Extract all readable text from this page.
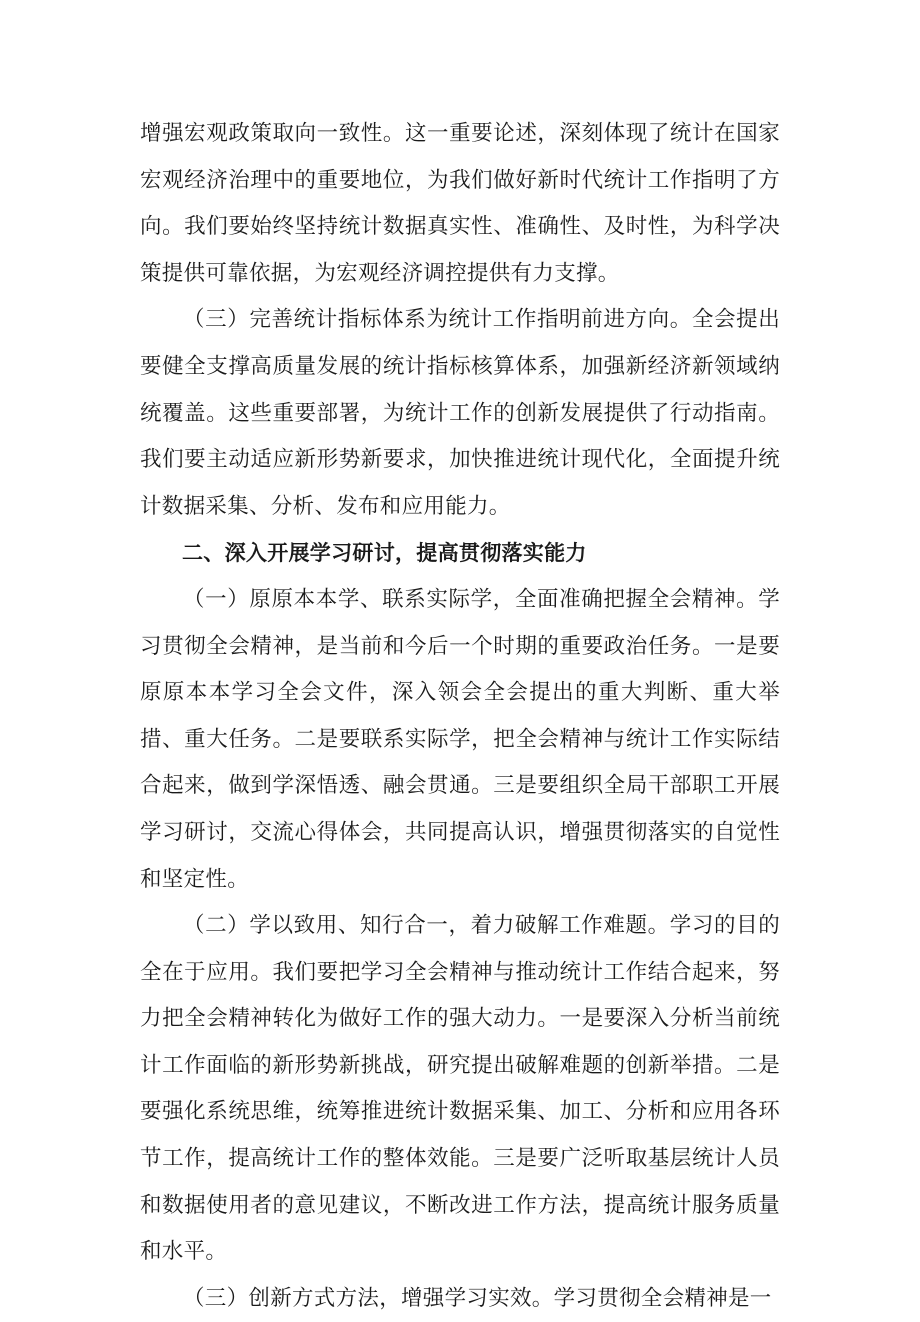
增强宏观政策取向一致性。这一重要论述，深刻体现了统计在国家宏观经济治理中的重要地位，为我们做好新时代统计工作指明了方向。我们要始终坚持统计数据真实性、准确性、及时性，为科学决策提供可靠依据，为宏观经济调控提供有力支撑。

（三）完善统计指标体系为统计工作指明前进方向。全会提出要健全支撑高质量发展的统计指标核算体系，加强新经济新领域纳统覆盖。这些重要部署，为统计工作的创新发展提供了行动指南。我们要主动适应新形势新要求，加快推进统计现代化，全面提升统计数据采集、分析、发布和应用能力。

二、深入开展学习研讨，提高贯彻落实能力

（一）原原本本学、联系实际学，全面准确把握全会精神。学习贯彻全会精神，是当前和今后一个时期的重要政治任务。一是要原原本本学习全会文件，深入领会全会提出的重大判断、重大举措、重大任务。二是要联系实际学，把全会精神与统计工作实际结合起来，做到学深悟透、融会贯通。三是要组织全局干部职工开展学习研讨，交流心得体会，共同提高认识，增强贯彻落实的自觉性和坚定性。

（二）学以致用、知行合一，着力破解工作难题。学习的目的全在于应用。我们要把学习全会精神与推动统计工作结合起来，努力把全会精神转化为做好工作的强大动力。一是要深入分析当前统计工作面临的新形势新挑战，研究提出破解难题的创新举措。二是要强化系统思维，统筹推进统计数据采集、加工、分析和应用各环节工作，提高统计工作的整体效能。三是要广泛听取基层统计人员和数据使用者的意见建议，不断改进工作方法，提高统计服务质量和水平。

（三）创新方式方法，增强学习实效。学习贯彻全会精神是一
